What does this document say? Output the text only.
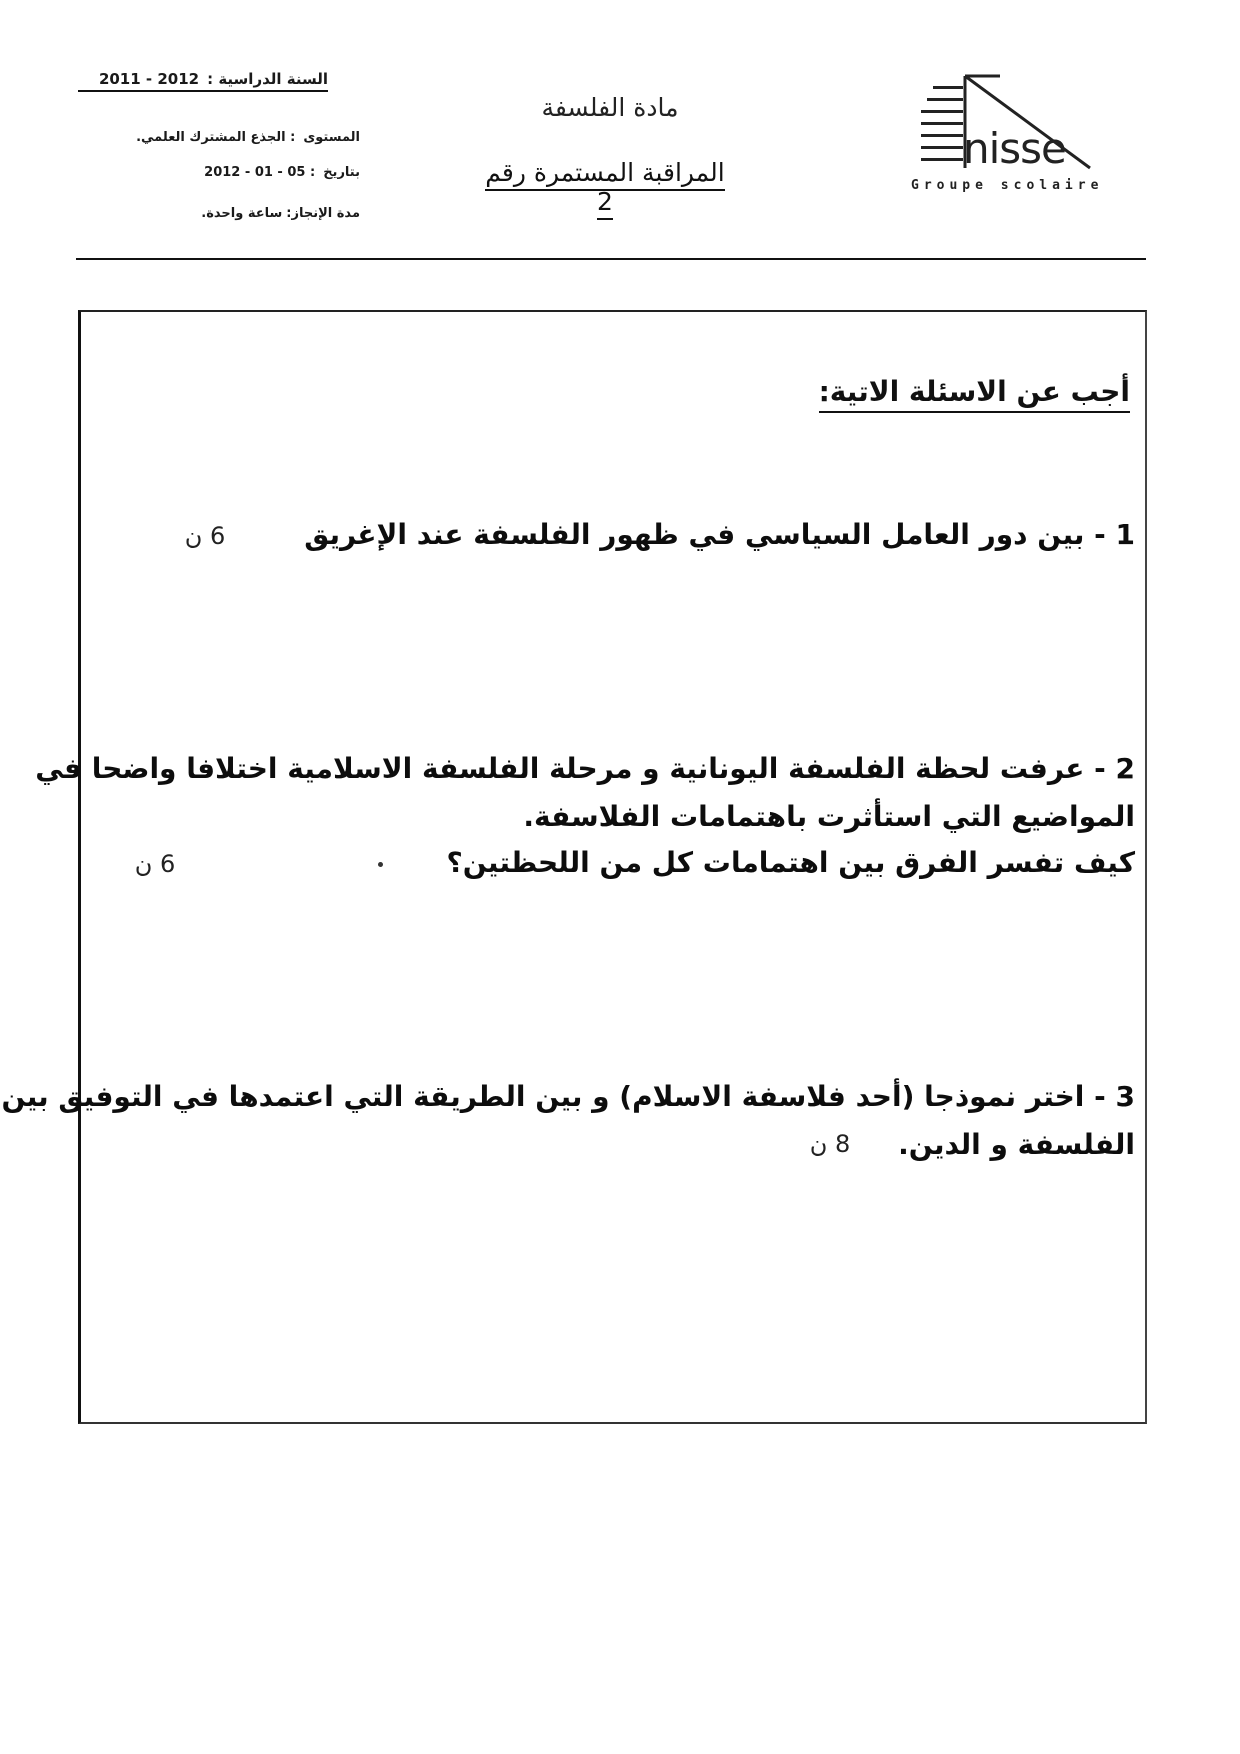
السنة الدراسية :2011 - 2012
المستوى: الجذع المشترك العلمي.
بتاريخ: 05 - 01 - 2012
مدة الإنجاز:ساعة واحدة.
مادة الفلسفة
المراقبة المستمرة رقم 2
nisse
Groupe scolaire
أجب عن الاسئلة الاتية:
1 - بين دور العامل السياسي في ظهور الفلسفة عند الإغريق
6 ن
2 - عرفت لحظة الفلسفة اليونانية و مرحلة الفلسفة الاسلامية اختلافا واضحا في
المواضيع التي استأثرت باهتمامات الفلاسفة.
كيف تفسر الفرق بين اهتمامات كل من اللحظتين؟
6 ن
3 - اختر نموذجا (أحد فلاسفة الاسلام) و بين الطريقة التي اعتمدها في التوفيق بين
الفلسفة و الدين.
8 ن
